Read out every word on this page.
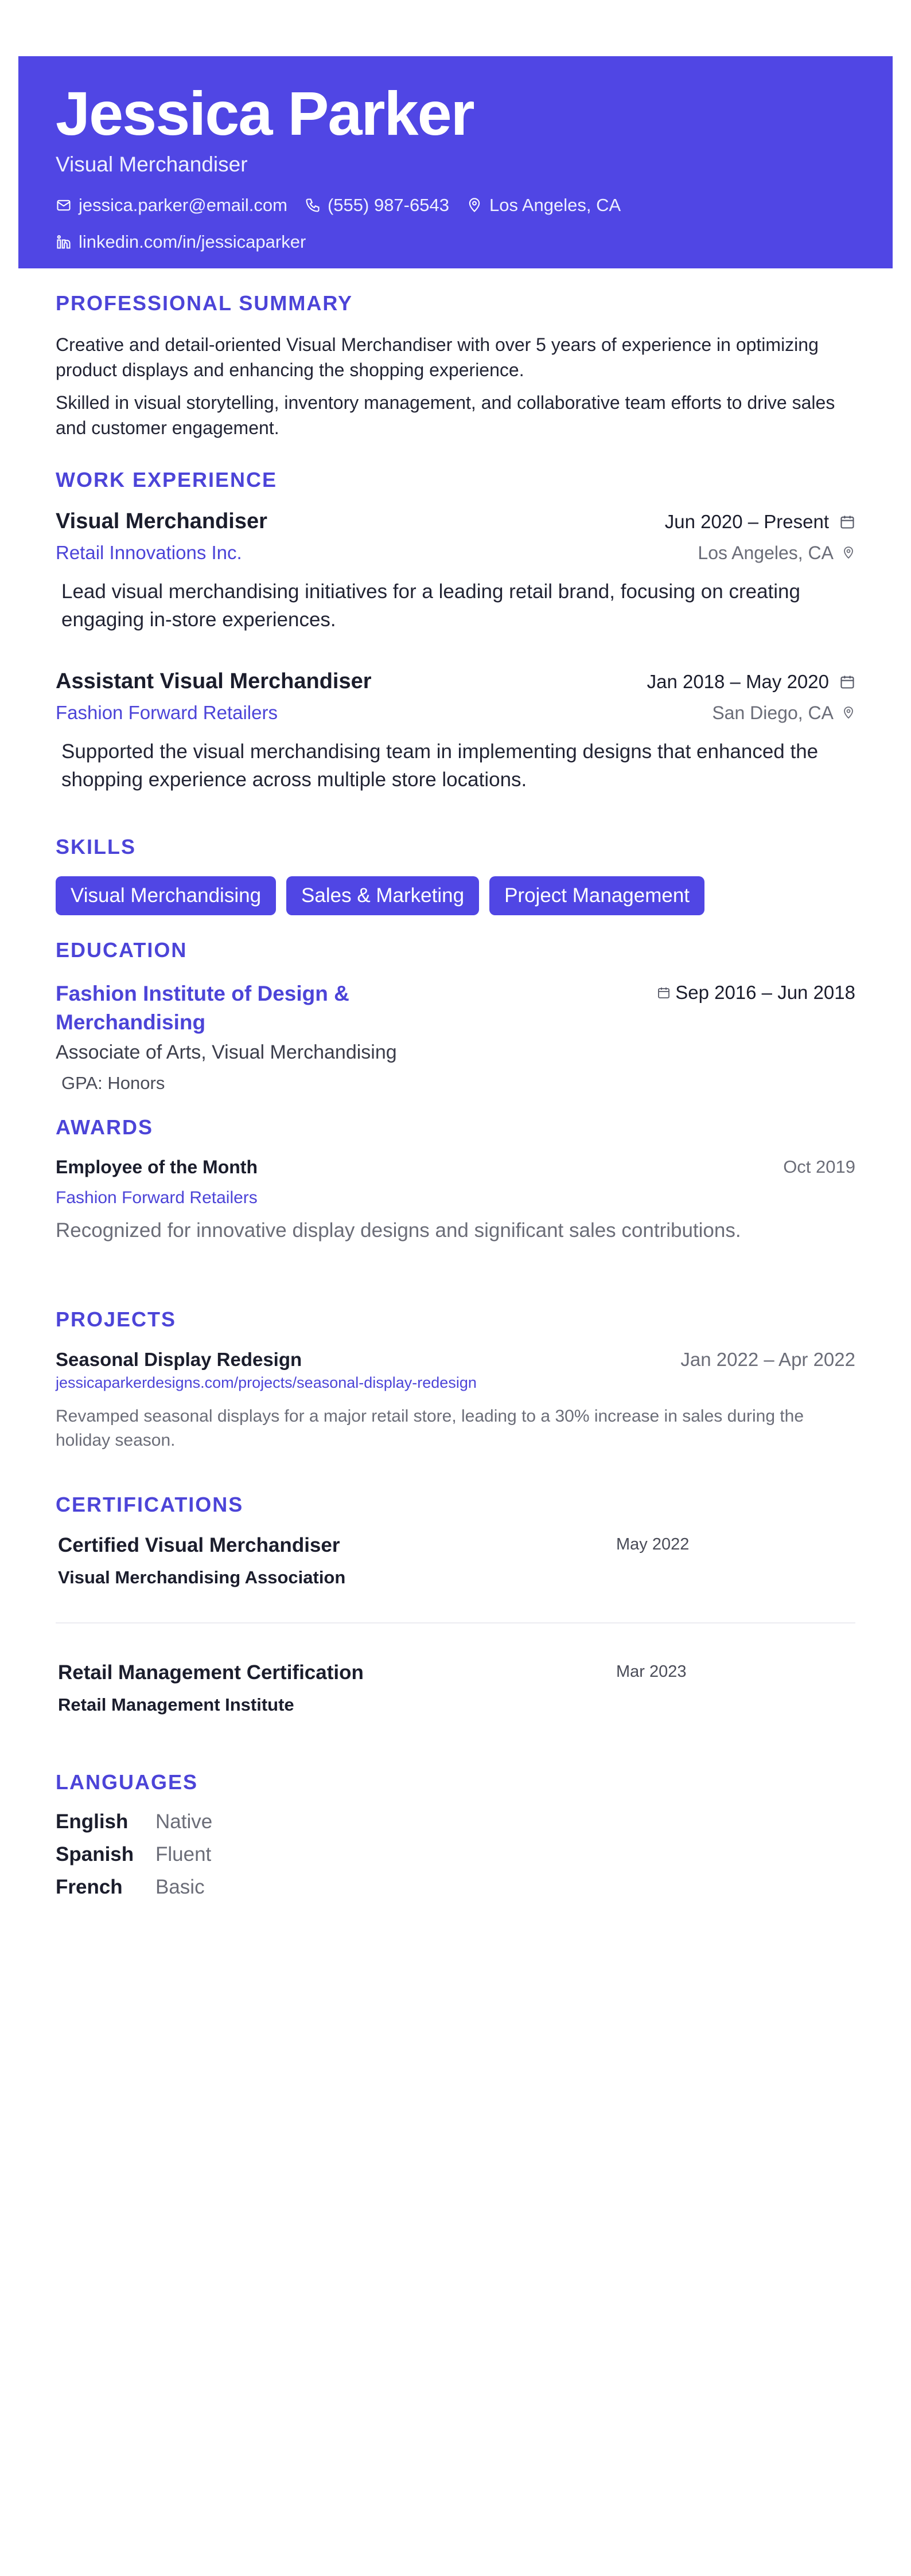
Jessica Parker
Visual Merchandiser
jessica.parker@email.com (555) 987-6543 Los Angeles, CA
linkedin.com/in/jessicaparker
PROFESSIONAL SUMMARY

Creative and detail-oriented Visual Merchandiser with over 5 years of experience in optimizing product displays and enhancing the shopping experience.

Skilled in visual storytelling, inventory management, and collaborative team efforts to drive sales and customer engagement.

WORK EXPERIENCE
Visual Merchandiser	Jun 2020 – Present
Retail Innovations Inc.	Los Angeles, CA

Lead visual merchandising initiatives for a leading retail brand, focusing on creating engaging in-store experiences.

Assistant Visual Merchandiser	Jan 2018 – May 2020
Fashion Forward Retailers	San Diego, CA

Supported the visual merchandising team in implementing designs that enhanced the shopping experience across multiple store locations.

SKILLS
Visual Merchandising	Sales & Marketing	Project Management
EDUCATION
Fashion Institute of Design & Merchandising
Sep 2016 – Jun 2018
Associate of Arts, Visual Merchandising
GPA: Honors
AWARDS
Employee of the Month	Oct 2019
Fashion Forward Retailers
Recognized for innovative display designs and significant sales contributions.
PROJECTS
Seasonal Display Redesign	Jan 2022 – Apr 2022
jessicaparkerdesigns.com/projects/seasonal-display-redesign

Revamped seasonal displays for a major retail store, leading to a 30% increase in sales during the holiday season.

CERTIFICATIONS
Certified Visual Merchandiser
Visual Merchandising Association
May 2022
Retail Management Certification
Retail Management Institute
Mar 2023
LANGUAGES
English	Native
Spanish	Fluent
French	Basic
